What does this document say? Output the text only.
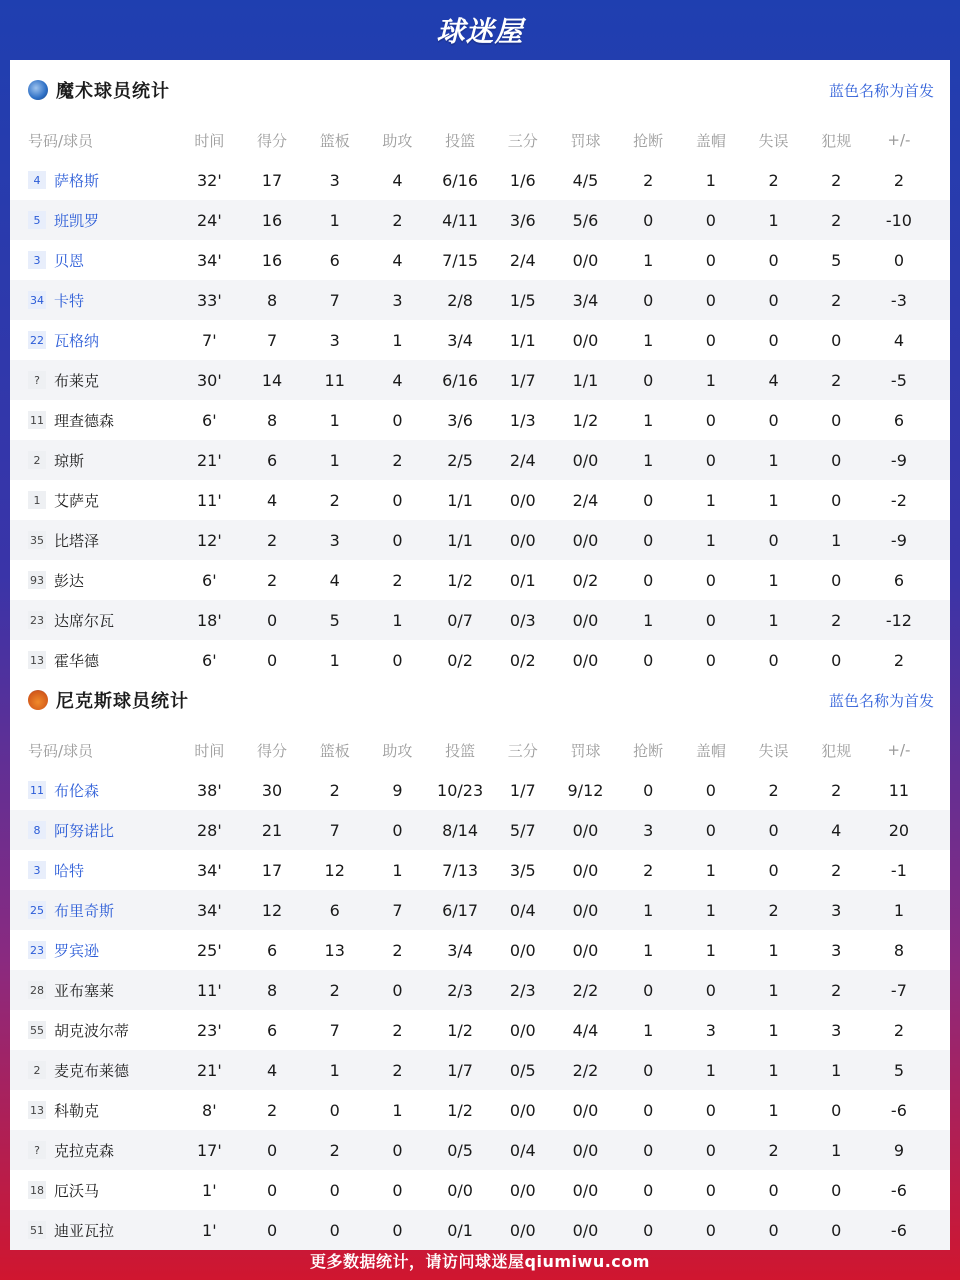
球迷屋
魔术球员统计	蓝色名称为首发
号码/球员	时间	得分	篮板	助攻	投篮	三分	罚球	抢断	盖帽	失误	犯规	+/-
4 萨格斯	32'	17	3	4	6/16	1/6	4/5	2	1	2	2	2
5 班凯罗	24'	16	1	2	4/11	3/6	5/6	0	0	1	2	-10
3 贝恩	34'	16	6	4	7/15	2/4	0/0	1	0	0	5	0
34 卡特	33'	8	7	3	2/8	1/5	3/4	0	0	0	2	-3
22 瓦格纳	7'	7	3	1	3/4	1/1	0/0	1	0	0	0	4
? 布莱克	30'	14	11	4	6/16	1/7	1/1	0	1	4	2	-5
11 理查德森	6'	8	1	0	3/6	1/3	1/2	1	0	0	0	6
2 琼斯	21'	6	1	2	2/5	2/4	0/0	1	0	1	0	-9
1 艾萨克	11'	4	2	0	1/1	0/0	2/4	0	1	1	0	-2
35 比塔泽	12'	2	3	0	1/1	0/0	0/0	0	1	0	1	-9
93 彭达	6'	2	4	2	1/2	0/1	0/2	0	0	1	0	6
23 达席尔瓦	18'	0	5	1	0/7	0/3	0/0	1	0	1	2	-12
13 霍华德	6'	0	1	0	0/2	0/2	0/0	0	0	0	0	2
尼克斯球员统计	蓝色名称为首发
号码/球员	时间	得分	篮板	助攻	投篮	三分	罚球	抢断	盖帽	失误	犯规	+/-
11 布伦森	38'	30	2	9	10/23	1/7	9/12	0	0	2	2	11
8 阿努诺比	28'	21	7	0	8/14	5/7	0/0	3	0	0	4	20
3 哈特	34'	17	12	1	7/13	3/5	0/0	2	1	0	2	-1
25 布里奇斯	34'	12	6	7	6/17	0/4	0/0	1	1	2	3	1
23 罗宾逊	25'	6	13	2	3/4	0/0	0/0	1	1	1	3	8
28 亚布塞莱	11'	8	2	0	2/3	2/3	2/2	0	0	1	2	-7
55 胡克波尔蒂	23'	6	7	2	1/2	0/0	4/4	1	3	1	3	2
2 麦克布莱德	21'	4	1	2	1/7	0/5	2/2	0	1	1	1	5
13 科勒克	8'	2	0	1	1/2	0/0	0/0	0	0	1	0	-6
? 克拉克森	17'	0	2	0	0/5	0/4	0/0	0	0	2	1	9
18 厄沃马	1'	0	0	0	0/0	0/0	0/0	0	0	0	0	-6
51 迪亚瓦拉	1'	0	0	0	0/1	0/0	0/0	0	0	0	0	-6
更多数据统计，请访问球迷屋qiumiwu.com
